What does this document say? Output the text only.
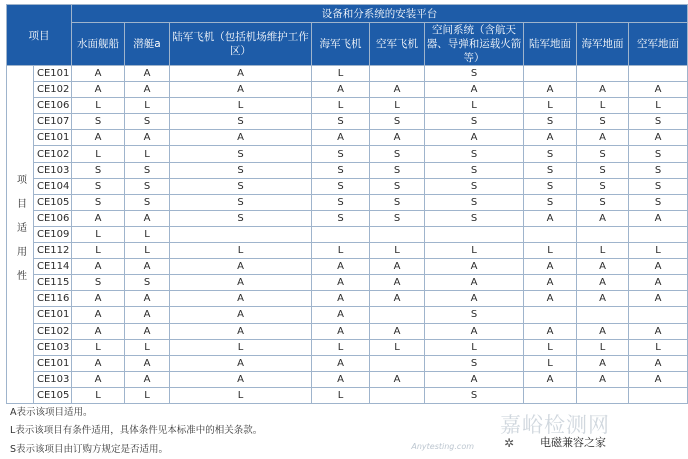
项目		设备和分系统的安装平台								
		水面舰船	潜艇a	陆军飞机（包括机场维护工作区）	海军飞机	空军飞机	空间系统（含航天器、导弹和运载火箭等）	陆军地面	海军地面	空军地面
项目适用性	CE101	A	A	A	L		S			
	CE102	A	A	A	A	A	A	A	A	A
	CE106	L	L	L	L	L	L	L	L	L
	CE107	S	S	S	S	S	S	S	S	S
	CE101	A	A	A	A	A	A	A	A	A
	CE102	L	L	S	S	S	S	S	S	S
	CE103	S	S	S	S	S	S	S	S	S
	CE104	S	S	S	S	S	S	S	S	S
	CE105	S	S	S	S	S	S	S	S	S
	CE106	A	A	S	S	S	S	A	A	A
	CE109	L	L							
	CE112	L	L	L	L	L	L	L	L	L
	CE114	A	A	A	A	A	A	A	A	A
	CE115	S	S	A	A	A	A	A	A	A
	CE116	A	A	A	A	A	A	A	A	A
	CE101	A	A	A	A		S			
	CE102	A	A	A	A	A	A	A	A	A
	CE103	L	L	L	L	L	L	L	L	L
	CE101	A	A	A	A		S	L	A	A
	CE103	A	A	A	A	A	A	A	A	A
	CE105	L	L	L	L		S			
A表示该项目适用。
L表示该项目有条件适用，具体条件见本标准中的相关条款。
S表示该项目由订购方规定是否适用。
嘉峪检测网
Anytesting.com ✲ 电磁兼容之家
